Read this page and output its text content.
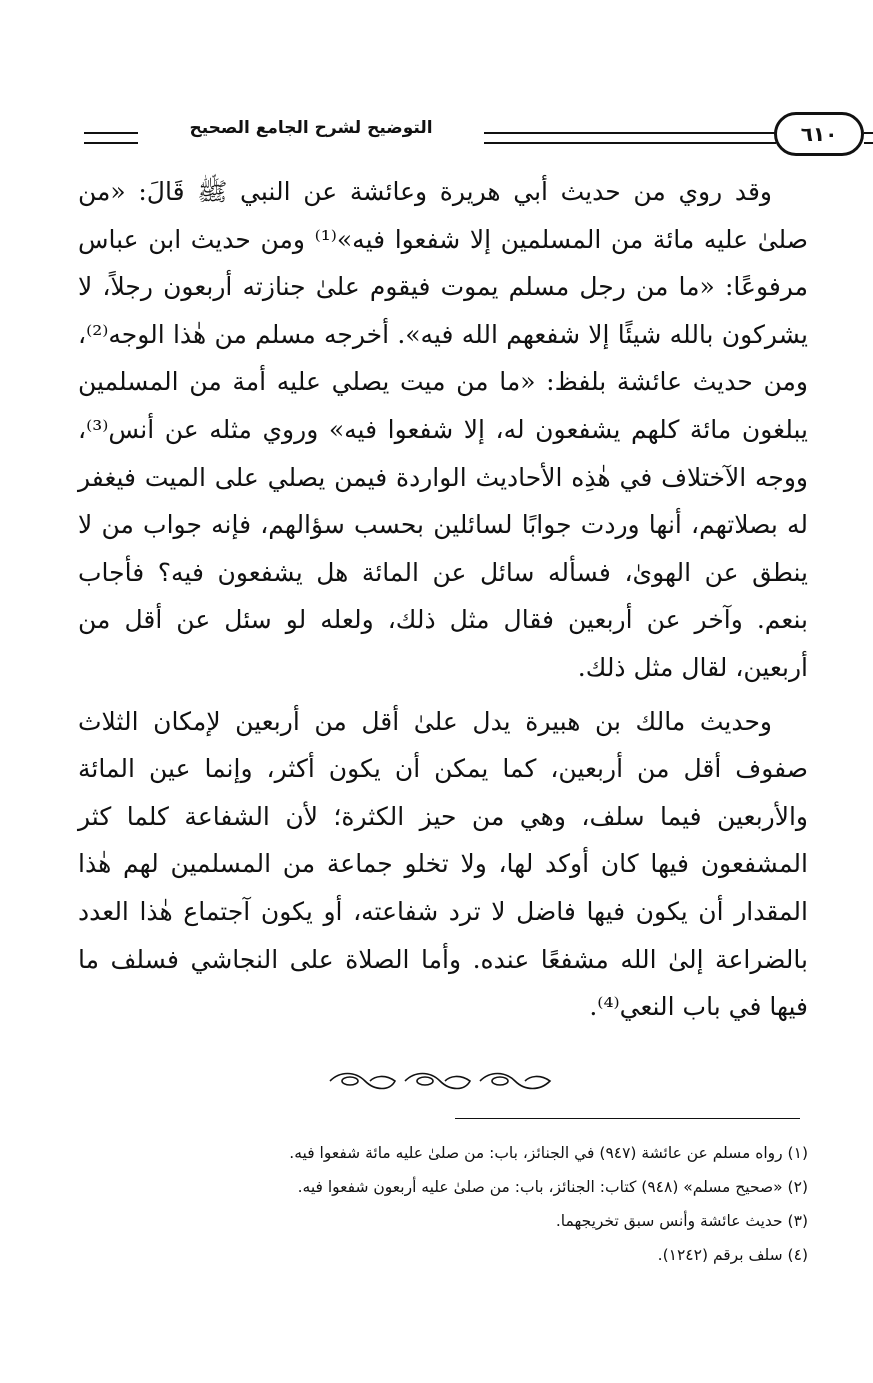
التوضيح لشرح الجامع الصحيح	٦١٠

وقد روي من حديث أبي هريرة وعائشة عن النبي ﷺ قَالَ: «من صلىٰ عليه مائة من المسلمين إلا شفعوا فيه»⁽¹⁾ ومن حديث ابن عباس مرفوعًا: «ما من رجل مسلم يموت فيقوم علىٰ جنازته أربعون رجلاً، لا يشركون بالله شيئًا إلا شفعهم الله فيه». أخرجه مسلم من هٰذا الوجه⁽²⁾، ومن حديث عائشة بلفظ: «ما من ميت يصلي عليه أمة من المسلمين يبلغون مائة كلهم يشفعون له، إلا شفعوا فيه» وروي مثله عن أنس⁽³⁾، ووجه الآختلاف في هٰذِه الأحاديث الواردة فيمن يصلي على الميت فيغفر له بصلاتهم، أنها وردت جوابًا لسائلين بحسب سؤالهم، فإنه جواب من لا ينطق عن الهوىٰ، فسأله سائل عن المائة هل يشفعون فيه؟ فأجاب بنعم. وآخر عن أربعين فقال مثل ذلك، ولعله لو سئل عن أقل من أربعين، لقال مثل ذلك.

وحديث مالك بن هبيرة يدل علىٰ أقل من أربعين لإمكان الثلاث صفوف أقل من أربعين، كما يمكن أن يكون أكثر، وإنما عين المائة والأربعين فيما سلف، وهي من حيز الكثرة؛ لأن الشفاعة كلما كثر المشفعون فيها كان أوكد لها، ولا تخلو جماعة من المسلمين لهم هٰذا المقدار أن يكون فيها فاضل لا ترد شفاعته، أو يكون آجتماع هٰذا العدد بالضراعة إلىٰ الله مشفعًا عنده. وأما الصلاة على النجاشي فسلف ما فيها في باب النعي⁽⁴⁾.

(١) رواه مسلم عن عائشة (٩٤٧) في الجنائز، باب: من صلىٰ عليه مائة شفعوا فيه.
(٢) «صحيح مسلم» (٩٤٨) كتاب: الجنائز، باب: من صلىٰ عليه أربعون شفعوا فيه.
(٣) حديث عائشة وأنس سبق تخريجهما.
(٤) سلف برقم (١٢٤٢).
